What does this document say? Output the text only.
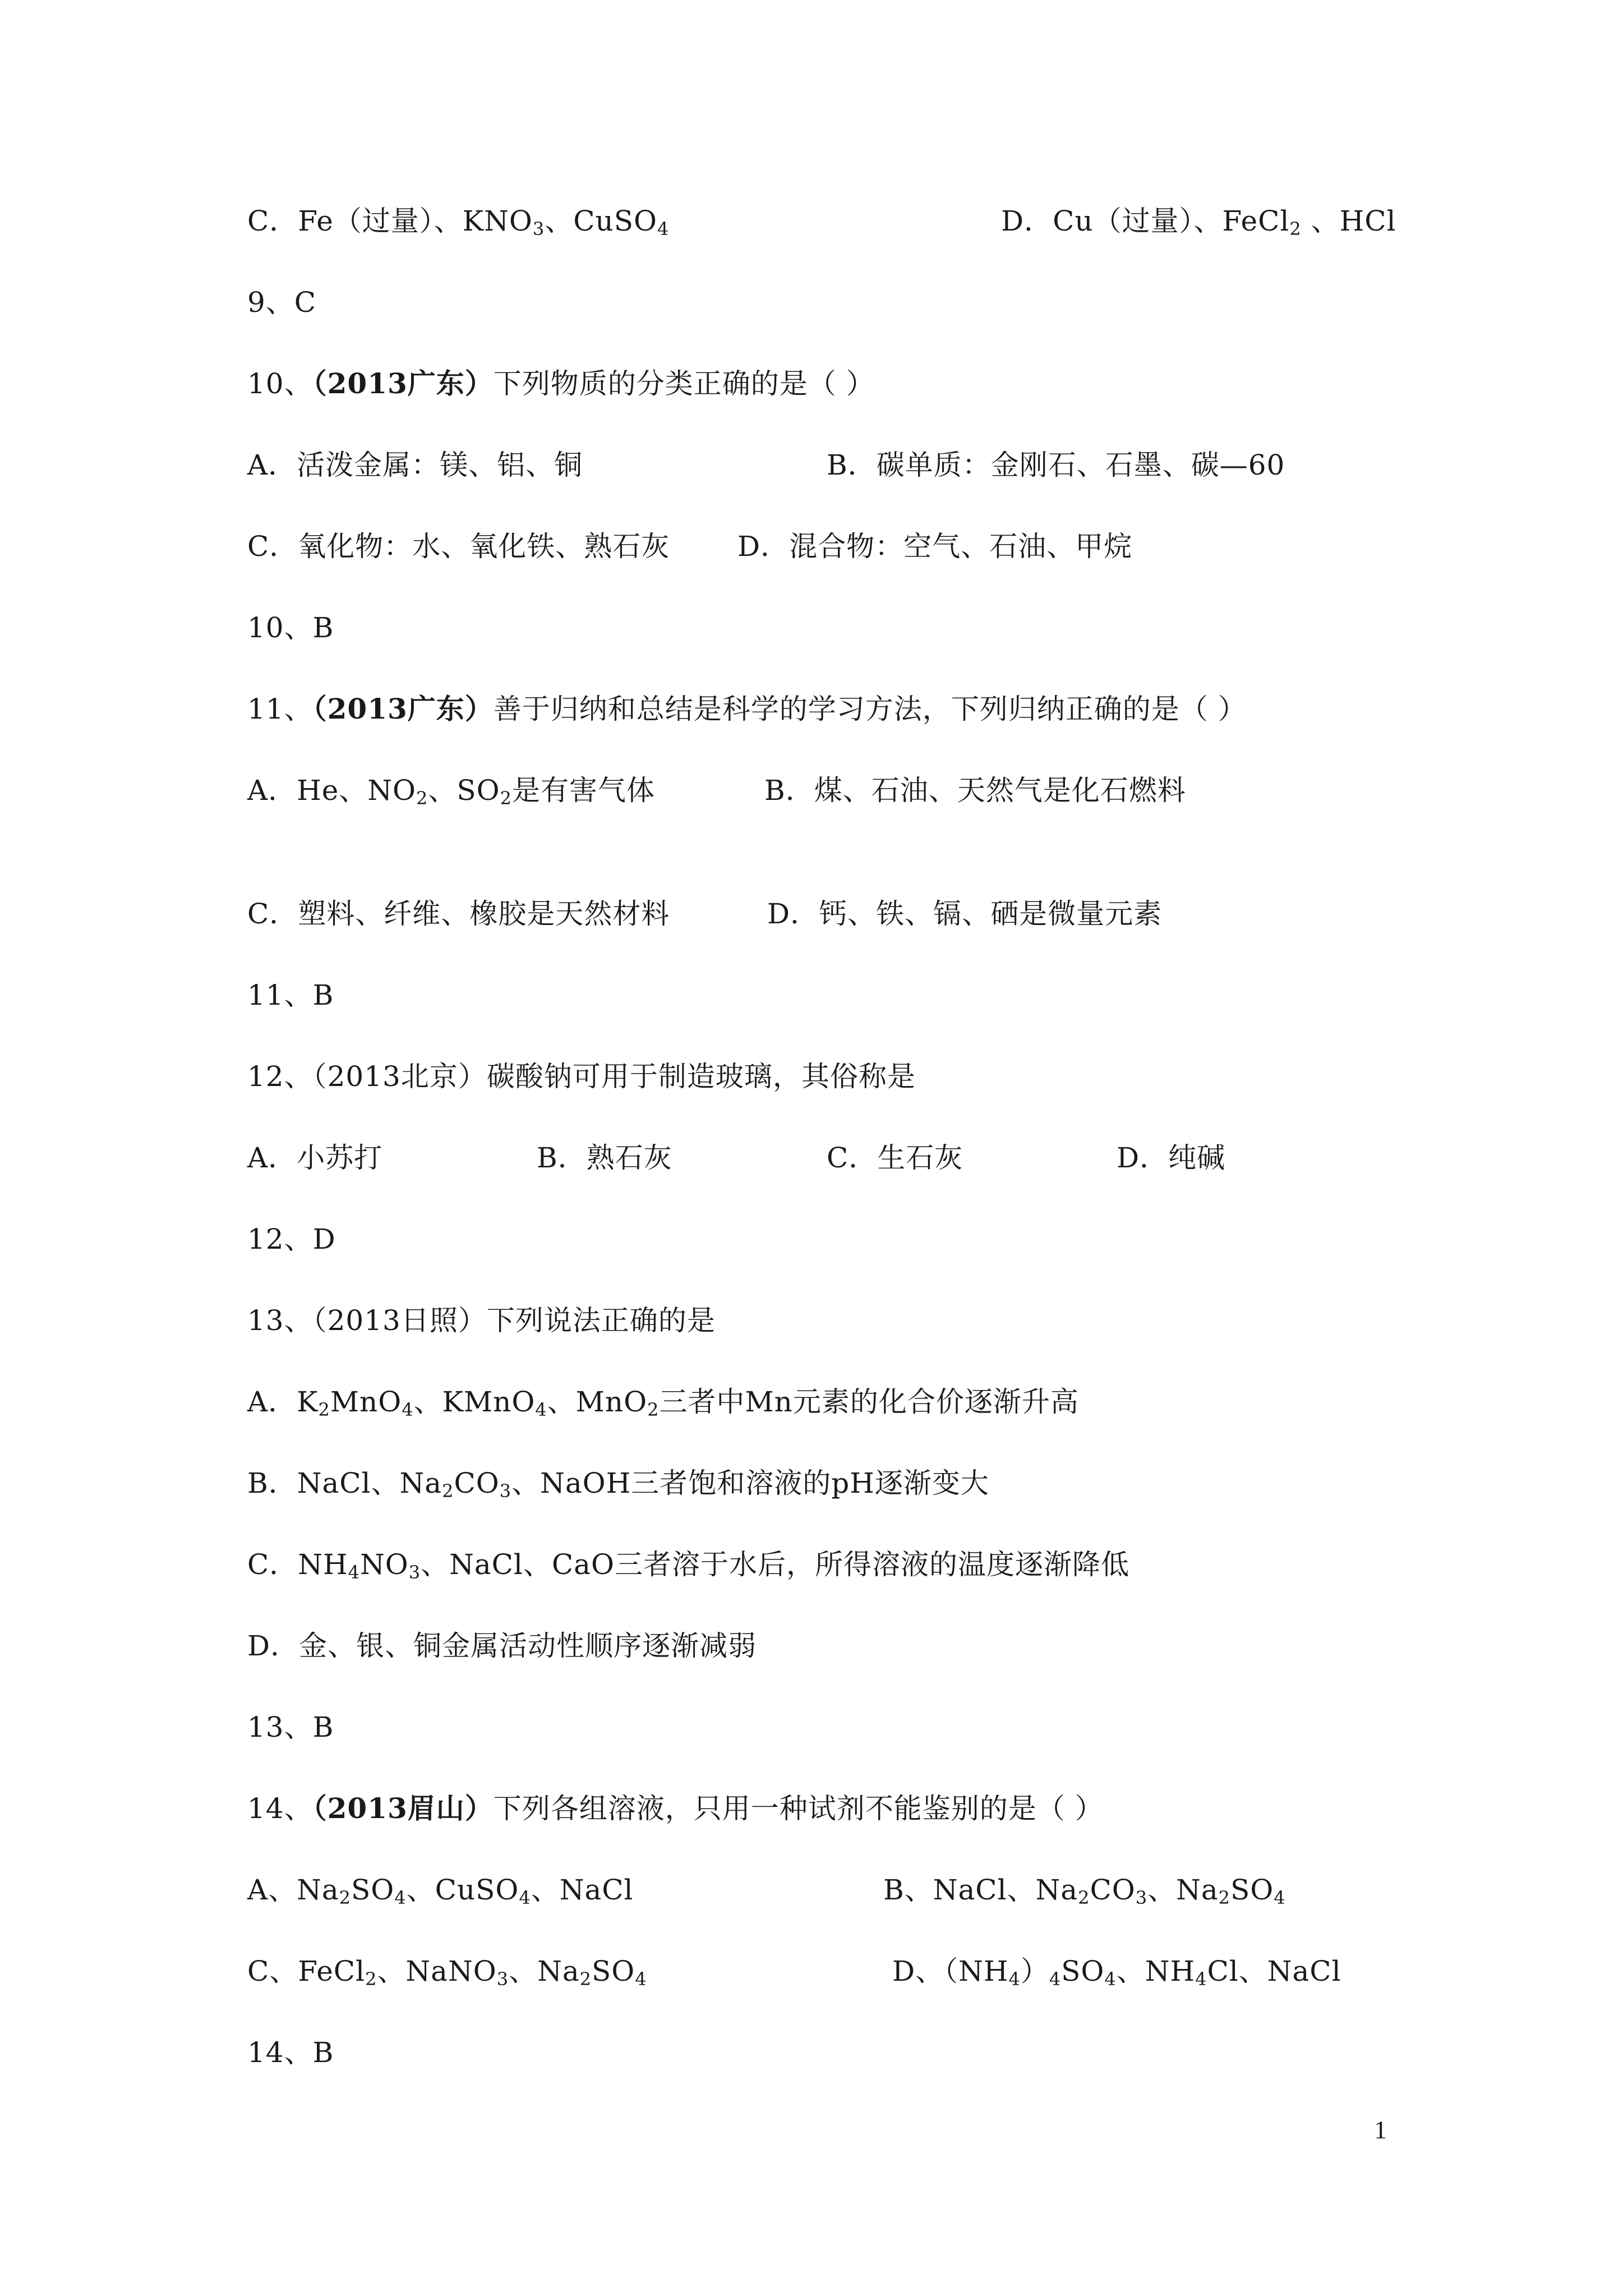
C．Fe（过量）、$KNO_3$、CuSO$_4$	D．Cu（过量）、FeCl$_2$ 、HCl
9、C
10、（2013广东）下列物质的分类正确的是（ ）
A．活泼金属：镁、铝、铜	B．碳单质：金刚石、石墨、碳—60
C．氧化物：水、氧化铁、熟石灰 D．混合物：空气、石油、甲烷
10、B
11、（2013广东）善于归纳和总结是科学的学习方法，下列归纳正确的是（ ）
A．He、$NO_2$、$SO_2$是有害气体	B．煤、石油、天然气是化石燃料
C．塑料、纤维、橡胶是天然材料	D．钙、铁、镉、硒是微量元素
11、B
12、（2013北京）碳酸钠可用于制造玻璃，其俗称是
A．小苏打	B．熟石灰	C．生石灰	D．纯碱
12、D
13、（2013日照）下列说法正确的是
A．$K_2MnO_4$、KMnO$_4$、MnO$_2$三者中Mn元素的化合价逐渐升高
B．NaCl、$Na_2CO_3$、NaOH三者饱和溶液的pH逐渐变大
C．$NH_4NO_3$、NaCl、CaO三者溶于水后，所得溶液的温度逐渐降低
D．金、银、铜金属活动性顺序逐渐减弱
13、B
14、（2013眉山）下列各组溶液，只用一种试剂不能鉴别的是（ ）
A、$Na_2SO_4$、CuSO$_4$、NaCl	B、NaCl、$Na_2CO_3$、$Na_2SO_4$
C、FeCl$_2$、NaNO$_3$、$Na_2SO_4$	D、$(NH_4)_4SO_4$、$NH_4Cl$、NaCl
14、B
1
